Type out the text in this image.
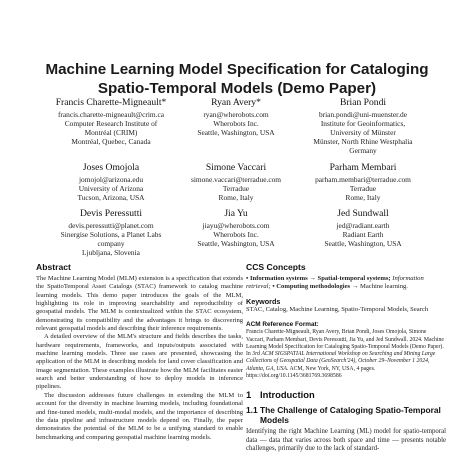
Machine Learning Model Specification for Cataloging
Spatio-Temporal Models (Demo Paper)
Francis Charette-Migneault*
francis.charette-migneault@crim.ca
Computer Research Institute of
Montréal (CRIM)
Montréal, Quebec, Canada
Ryan Avery*
ryan@wherobots.com
Wherobots Inc.
Seattle, Washington, USA
Brian Pondi
brian.pondi@uni-muenster.de
Institute for Geoinformatics,
University of Münster
Münster, North Rhine Westphalia
Germany
Joses Omojola
jomojol@arizona.edu
University of Arizona
Tucson, Arizona, USA
Simone Vaccari
simone.vaccari@terradue.com
Terradue
Rome, Italy
Parham Membari
parham.membari@terradue.com
Terradue
Rome, Italy
Devis Peressutti
devis.peressutti@planet.com
Sinergise Solutions, a Planet Labs
company
Ljubljana, Slovenia
Jia Yu
jiayu@wherobots.com
Wherobots Inc.
Seattle, Washington, USA
Jed Sundwall
jed@radiant.earth
Radiant Earth
Seattle, Washington, USA
Abstract

The Machine Learning Model (MLM) extension is a specification that extends the SpatioTemporal Asset Catalogs (STAC) framework to catalog machine learning models. This demo paper introduces the goals of the MLM, highlighting its role in improving searchability and reproducibility of geospatial models. The MLM is contextualized within the STAC ecosystem, demonstrating its compatibility and the advantages it brings to discovering relevant geospatial models and describing their inference requirements.

A detailed overview of the MLM's structure and fields describes the tasks, hardware requirements, frameworks, and inputs/outputs associated with machine learning models. Three use cases are presented, showcasing the application of the MLM in describing models for land cover classification and image segmentation. These examples illustrate how the MLM facilitates easier search and better understanding of how to deploy models in inference pipelines.

The discussion addresses future challenges in extending the MLM to account for the diversity in machine learning models, including foundational and fine-tuned models, multi-modal models, and the importance of describing the data pipeline and infrastructure models depend on. Finally, the paper demonstrates the potential of the MLM to be a unifying standard to enable benchmarking and comparing geospatial machine learning models.

CCS Concepts
• Information systems → Spatial-temporal systems; Information retrieval; • Computing methodologies → Machine learning.
Keywords
STAC, Catalog, Machine Learning, Spatio-Temporal Models, Search
ACM Reference Format:
Francis Charette-Migneault, Ryan Avery, Brian Pondi, Joses Omojola, Simone Vaccari, Parham Membari, Devis Peressutti, Jia Yu, and Jed Sundwall. 2024. Machine Learning Model Specification for Cataloging Spatio-Temporal Models (Demo Paper). In 3rd ACM SIGSPATIAL International Workshop on Searching and Mining Large Collections of Geospatial Data (GeoSearch'24), October 29–November 1 2024, Atlanta, GA, USA. ACM, New York, NY, USA, 4 pages. https://doi.org/10.1145/3681769.3698586
1 Introduction
1.1 The Challenge of Cataloging Spatio-Temporal Models
Identifying the right Machine Learning (ML) model for spatio-temporal data — data that varies across both space and time — presents notable challenges, primarily due to the lack of standard-
